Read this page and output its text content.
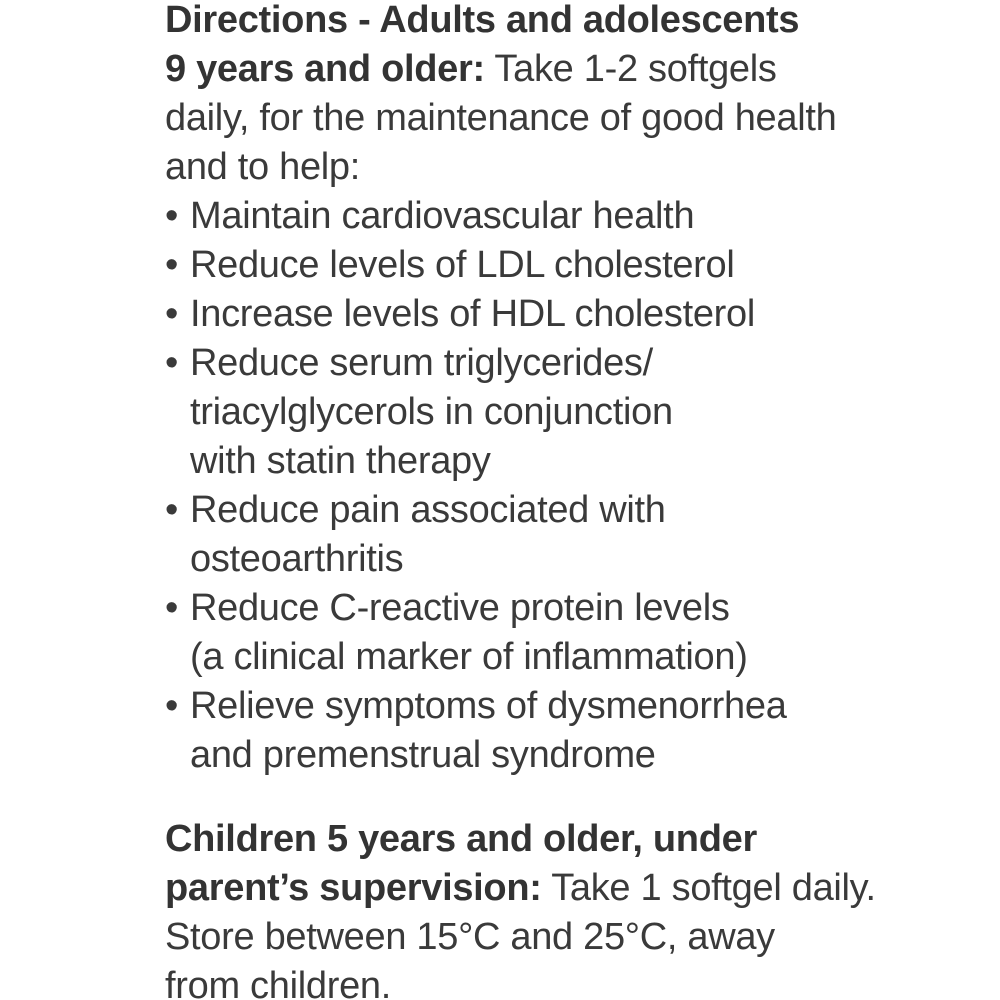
Directions - Adults and adolescents
9 years and older: Take 1-2 softgels
daily, for the maintenance of good health
and to help:
• Maintain cardiovascular health
• Reduce levels of LDL cholesterol
• Increase levels of HDL cholesterol
• Reduce serum triglycerides/
triacylglycerols in conjunction
with statin therapy
• Reduce pain associated with
osteoarthritis
• Reduce C-reactive protein levels
(a clinical marker of inflammation)
• Relieve symptoms of dysmenorrhea
and premenstrual syndrome
Children 5 years and older, under
parent’s supervision: Take 1 softgel daily.
Store between 15°C and 25°C, away
from children.
